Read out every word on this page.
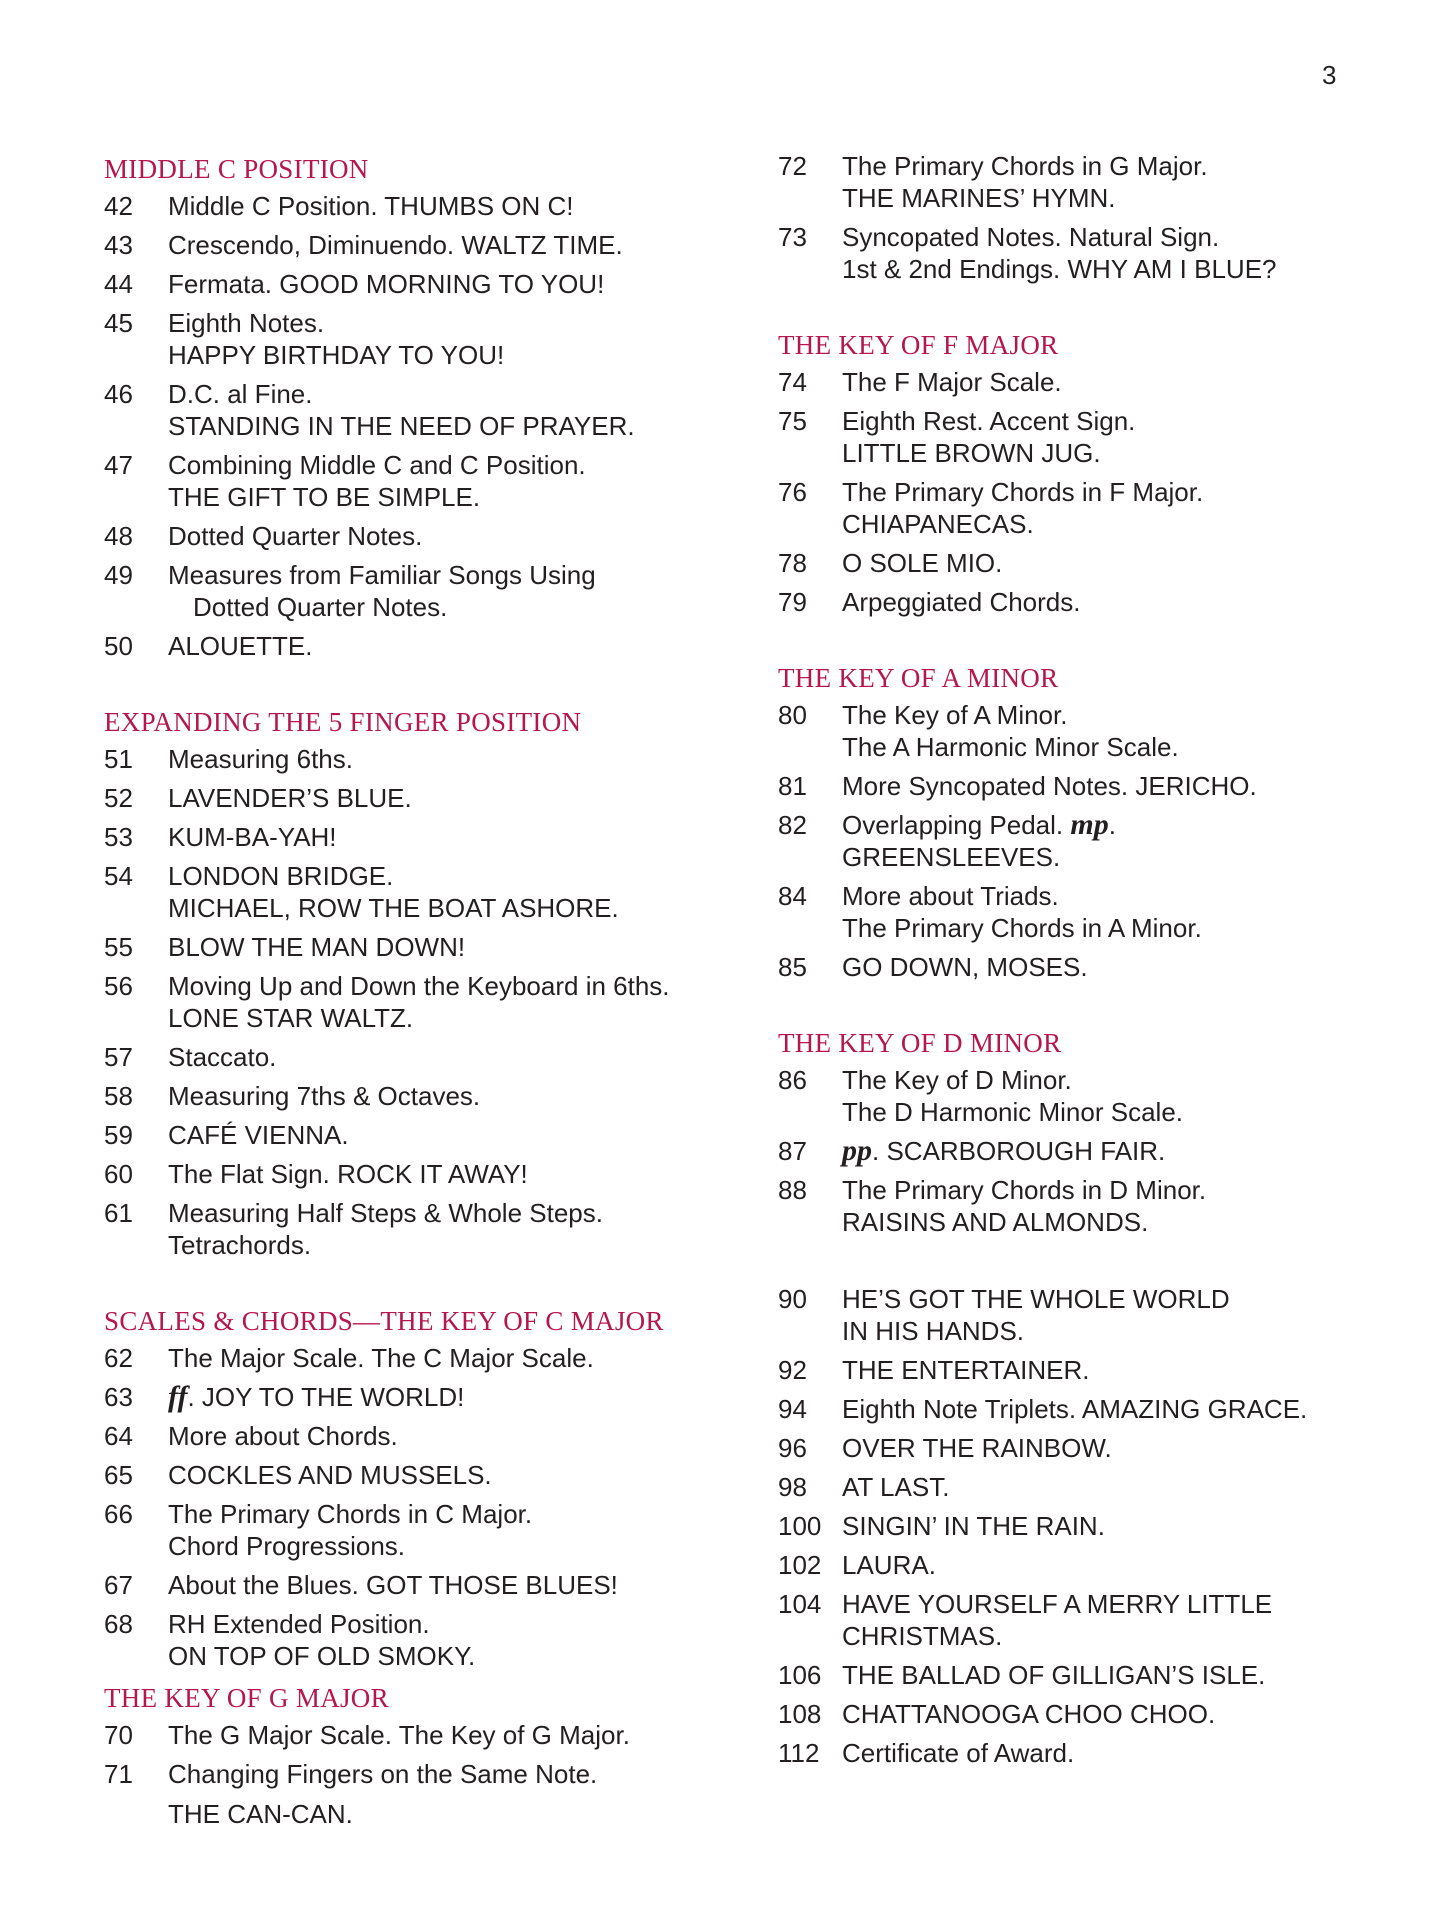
3
MIDDLE C POSITION
42	Middle C Position. THUMBS ON C!
43	Crescendo, Diminuendo. WALTZ TIME.
44	Fermata. GOOD MORNING TO YOU!
45	Eighth Notes.
HAPPY BIRTHDAY TO YOU!
46	D.C. al Fine.
STANDING IN THE NEED OF PRAYER.
47	Combining Middle C and C Position.
THE GIFT TO BE SIMPLE.
48	Dotted Quarter Notes.
49	Measures from Familiar Songs Using
Dotted Quarter Notes.
50	ALOUETTE.
EXPANDING THE 5 FINGER POSITION
51	Measuring 6ths.
52	LAVENDER’S BLUE.
53	KUM-BA-YAH!
54	LONDON BRIDGE.
MICHAEL, ROW THE BOAT ASHORE.
55	BLOW THE MAN DOWN!
56	Moving Up and Down the Keyboard in 6ths.
LONE STAR WALTZ.
57	Staccato.
58	Measuring 7ths & Octaves.
59	CAFÉ VIENNA.
60	The Flat Sign. ROCK IT AWAY!
61	Measuring Half Steps & Whole Steps.
Tetrachords.
SCALES & CHORDS—THE KEY OF C MAJOR
62	The Major Scale. The C Major Scale.
63	ff. JOY TO THE WORLD!
64	More about Chords.
65	COCKLES AND MUSSELS.
66	The Primary Chords in C Major.
Chord Progressions.
67	About the Blues. GOT THOSE BLUES!
68	RH Extended Position.
ON TOP OF OLD SMOKY.
THE KEY OF G MAJOR
70	The G Major Scale. The Key of G Major.
71	Changing Fingers on the Same Note.
THE CAN-CAN.
72	The Primary Chords in G Major.
THE MARINES’ HYMN.
73	Syncopated Notes. Natural Sign.
1st & 2nd Endings. WHY AM I BLUE?
THE KEY OF F MAJOR
74	The F Major Scale.
75	Eighth Rest. Accent Sign.
LITTLE BROWN JUG.
76	The Primary Chords in F Major.
CHIAPANECAS.
78	O SOLE MIO.
79	Arpeggiated Chords.
THE KEY OF A MINOR
80	The Key of A Minor.
The A Harmonic Minor Scale.
81	More Syncopated Notes. JERICHO.
82	Overlapping Pedal. mp.
GREENSLEEVES.
84	More about Triads.
The Primary Chords in A Minor.
85	GO DOWN, MOSES.
THE KEY OF D MINOR
86	The Key of D Minor.
The D Harmonic Minor Scale.
87	pp. SCARBOROUGH FAIR.
88	The Primary Chords in D Minor.
RAISINS AND ALMONDS.
90	HE’S GOT THE WHOLE WORLD
IN HIS HANDS.
92	THE ENTERTAINER.
94	Eighth Note Triplets. AMAZING GRACE.
96	OVER THE RAINBOW.
98	AT LAST.
100 SINGIN’ IN THE RAIN.
102 LAURA.
104 HAVE YOURSELF A MERRY LITTLE
CHRISTMAS.
106 THE BALLAD OF GILLIGAN’S ISLE.
108 CHATTANOOGA CHOO CHOO.
112 Certificate of Award.
